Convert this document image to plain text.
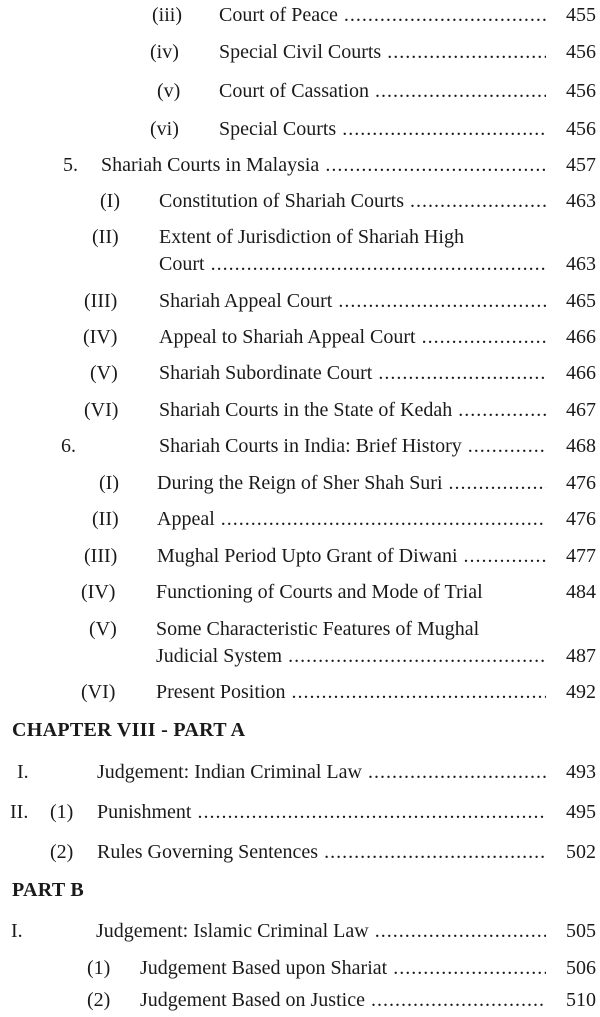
(iii) Court of Peace .....	455
(iv) Special Civil Courts .....	456
(v) Court of Cassation .....	456
(vi) Special Courts .....	456
5. Shariah Courts in Malaysia .....	457
(I) Constitution of Shariah Courts .....	463
(II) Extent of Jurisdiction of Shariah High
Court .....	463
(III) Shariah Appeal Court .....	465
(IV) Appeal to Shariah Appeal Court .....	466
(V) Shariah Subordinate Court .....	466
(VI) Shariah Courts in the State of Kedah .....	467
6.	Shariah Courts in India: Brief History .....	468
(I) During the Reign of Sher Shah Suri .....	476
(II) Appeal .....	476
(III) Mughal Period Upto Grant of Diwani .....	477
(IV) Functioning of Courts and Mode of Trial	484
(V) Some Characteristic Features of Mughal
Judicial System .....	487
(VI) Present Position .....	492
CHAPTER VIII - PART A
I.	Judgement: Indian Criminal Law .....	493
II. (1) Punishment .....	495
(2) Rules Governing Sentences .....	502
PART B
I.	Judgement: Islamic Criminal Law .....	505
(1) Judgement Based upon Shariat .....	506
(2) Judgement Based on Justice .....	510
